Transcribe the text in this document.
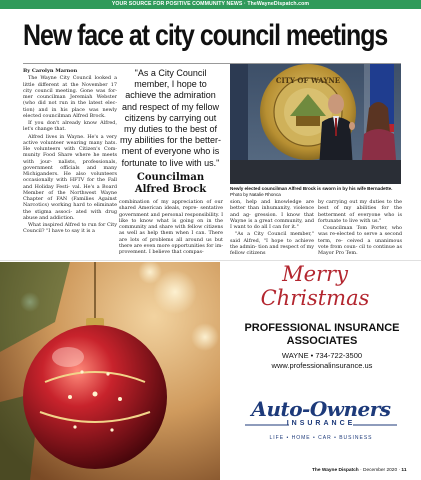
YOUR SOURCE FOR POSITIVE COMMUNITY NEWS · TheWayneDispatch.com
New face at city council meetings
By Carolyn Marnon

The Wayne City Council looked a little different at the November 17 city council meeting. Gone was for- mer councilman Jeremiah Webster (who did not run in the latest elec- tion) and in his place was newly elected councilman Alfred Brock.

If you don't already know Alfred, let's change that.

Alfred lives in Wayne. He's a very active volunteer wearing many hats. He volunteers with Citizen's Com- munity Food Share where he meets with jour- nalists, professionals, government officials and many Michiganders. He also volunteers occasionally with HFTV for the Fall and Holiday Festi- val. He's a Board Member of the Northwest Wayne Chapter of FAN (Families Against Narcotics) working hard to eliminate the stigma associ- ated with drug abuse and addiction.

What inspired Alfred to run for City Council? "I have to say it is a

"As a City Council member, I hope to achieve the admiration and respect of my fellow citizens by carrying out my duties to the best of my abilities for the better- ment of everyone who is fortunate to live with us."
Councilman
Alfred Brock

combination of my appreciation of our shared American ideals, repre- sentative government and personal responsibility. I like to know what is going on in the community and share with fellow citizens as well as help them when I can. There are lots of problems all around us but there are even more opportunities for im- provement. I believe that compas-

CITY OF WAYNE
Newly elected councilman Alfred Brock is sworn in by his wife Bernadette. Photo by Natalie Rhonca

sion, help and knowledge are better than inhumanity, violence and ag- gression. I know that Wayne is a great community, and I want to do all I can for it."

"As a City Council member," said Alfred, "I hope to achieve the admin- tion and respect of my fellow citizens

by carrying out my duties to the best of my abilities for the betterment of everyone who is fortunate to live with us."

Councilman Tom Porter, who was re-elected to serve a second term, re- ceived a unanimous vote from coun- cil to continue as Mayor Pro Tem.

Merry
Christmas
PROFESSIONAL INSURANCE
ASSOCIATES
WAYNE • 734-722-3500
www.professionalinsurance.us
Auto-Owners
INSURANCE
LIFE • HOME • CAR • BUSINESS
The Wayne Dispatch · December 2020 · 11
